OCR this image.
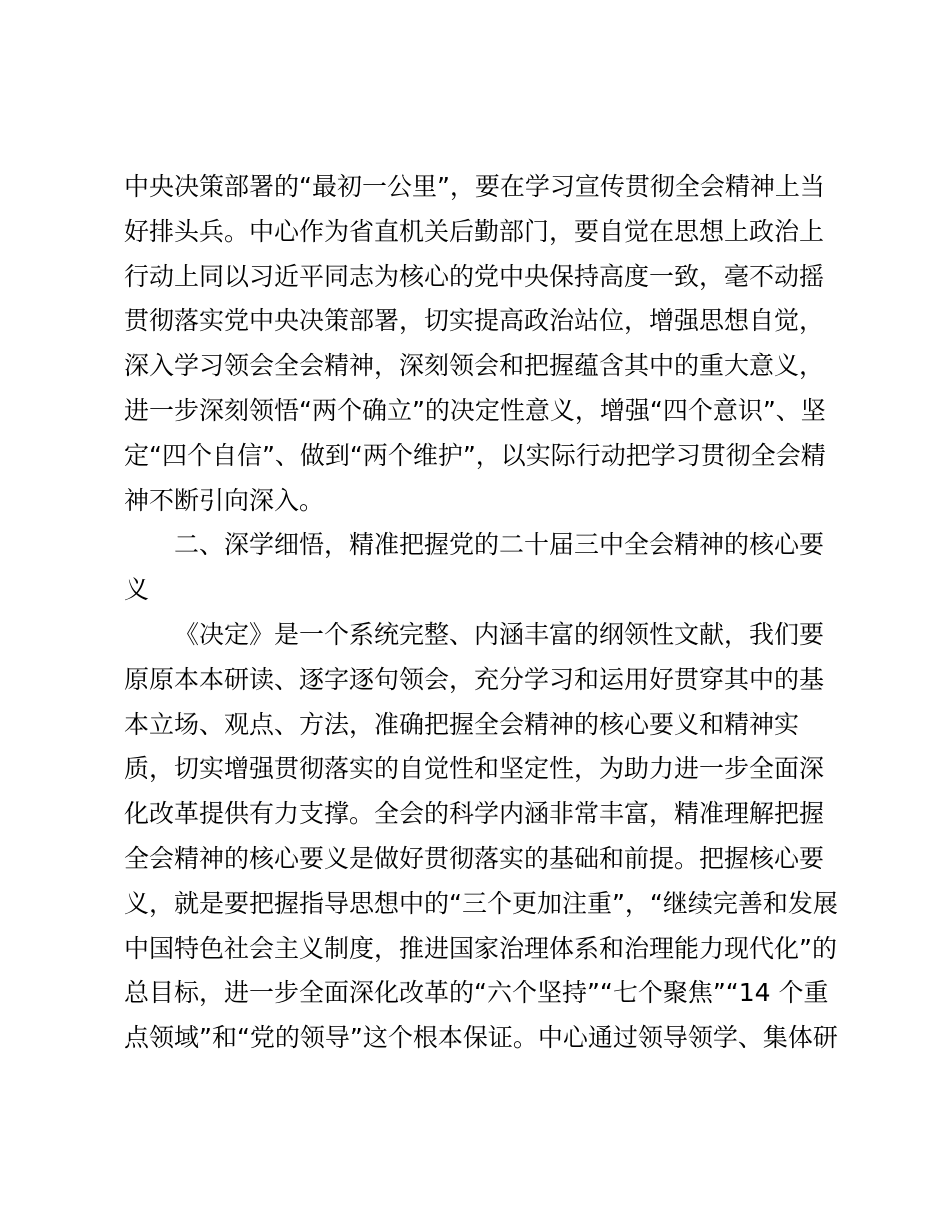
中央决策部署的“最初一公里”，要在学习宣传贯彻全会精神上当
好排头兵。中心作为省直机关后勤部门，要自觉在思想上政治上
行动上同以习近平同志为核心的党中央保持高度一致，毫不动摇
贯彻落实党中央决策部署，切实提高政治站位，增强思想自觉，
深入学习领会全会精神，深刻领会和把握蕴含其中的重大意义，
进一步深刻领悟“两个确立”的决定性意义，增强“四个意识”、坚
定“四个自信”、做到“两个维护”，以实际行动把学习贯彻全会精
神不断引向深入。
二、深学细悟，精准把握党的二十届三中全会精神的核心要
义
《决定》是一个系统完整、内涵丰富的纲领性文献，我们要
原原本本研读、逐字逐句领会，充分学习和运用好贯穿其中的基
本立场、观点、方法，准确把握全会精神的核心要义和精神实
质，切实增强贯彻落实的自觉性和坚定性，为助力进一步全面深
化改革提供有力支撑。全会的科学内涵非常丰富，精准理解把握
全会精神的核心要义是做好贯彻落实的基础和前提。把握核心要
义，就是要把握指导思想中的“三个更加注重”，“继续完善和发展
中国特色社会主义制度，推进国家治理体系和治理能力现代化”的
总目标，进一步全面深化改革的“六个坚持”“七个聚焦”“14 个重
点领域”和“党的领导”这个根本保证。中心通过领导领学、集体研
